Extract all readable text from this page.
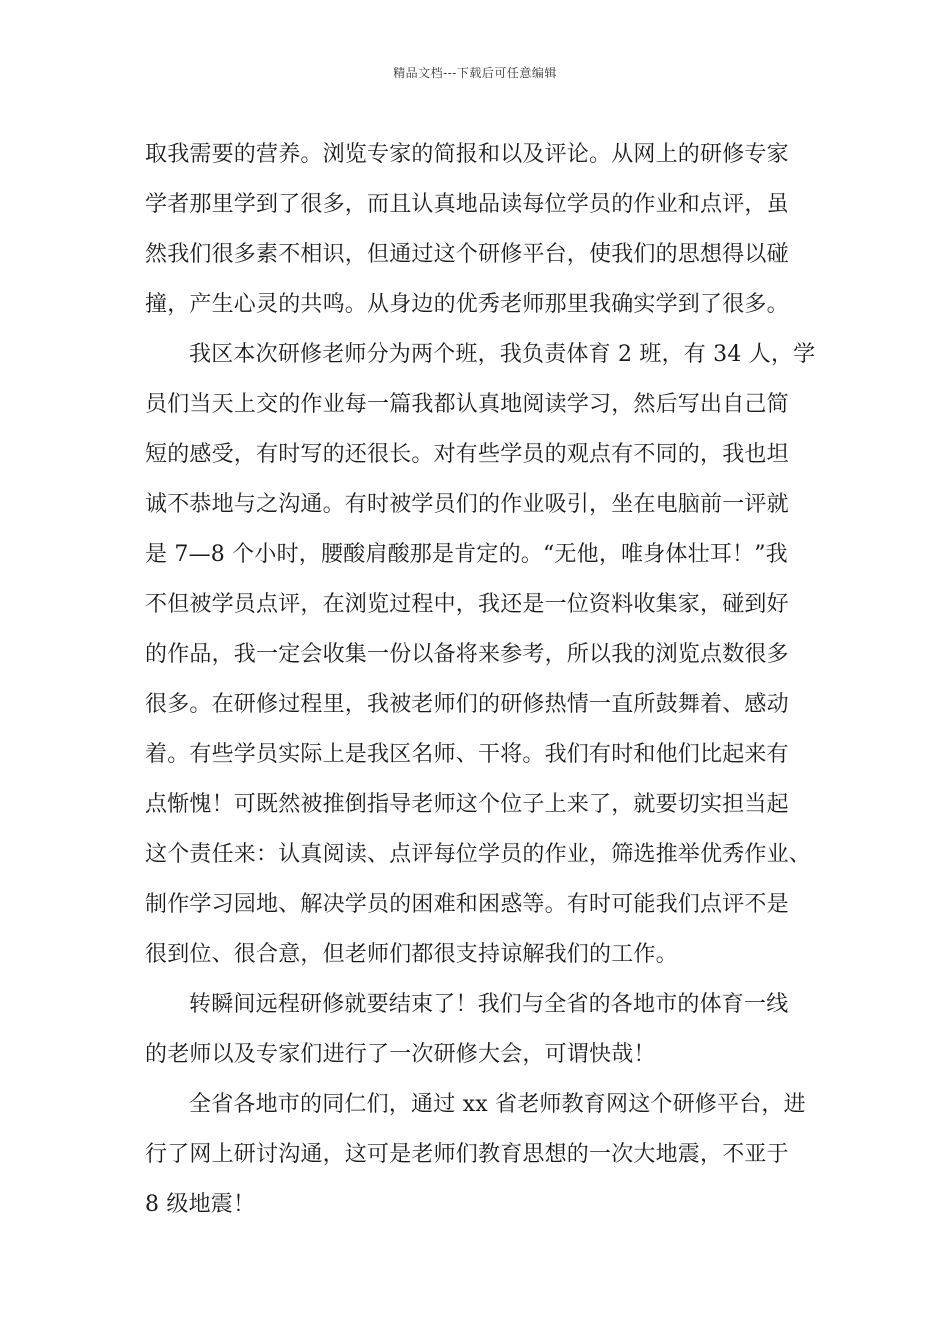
精品文档---下载后可任意编辑
取我需要的营养。浏览专家的简报和以及评论。从网上的研修专家
学者那里学到了很多，而且认真地品读每位学员的作业和点评，虽
然我们很多素不相识，但通过这个研修平台，使我们的思想得以碰
撞，产生心灵的共鸣。从身边的优秀老师那里我确实学到了很多。
我区本次研修老师分为两个班，我负责体育 2 班，有 34 人，学
员们当天上交的作业每一篇我都认真地阅读学习，然后写出自己简
短的感受，有时写的还很长。对有些学员的观点有不同的，我也坦
诚不恭地与之沟通。有时被学员们的作业吸引，坐在电脑前一评就
是 7—8 个小时，腰酸肩酸那是肯定的。“无他，唯身体壮耳！”我
不但被学员点评，在浏览过程中，我还是一位资料收集家，碰到好
的作品，我一定会收集一份以备将来参考，所以我的浏览点数很多
很多。在研修过程里，我被老师们的研修热情一直所鼓舞着、感动
着。有些学员实际上是我区名师、干将。我们有时和他们比起来有
点惭愧！可既然被推倒指导老师这个位子上来了，就要切实担当起
这个责任来：认真阅读、点评每位学员的作业，筛选推举优秀作业、
制作学习园地、解决学员的困难和困惑等。有时可能我们点评不是
很到位、很合意，但老师们都很支持谅解我们的工作。
转瞬间远程研修就要结束了！我们与全省的各地市的体育一线
的老师以及专家们进行了一次研修大会，可谓快哉！
全省各地市的同仁们，通过 xx 省老师教育网这个研修平台，进
行了网上研讨沟通，这可是老师们教育思想的一次大地震，不亚于
8 级地震！
